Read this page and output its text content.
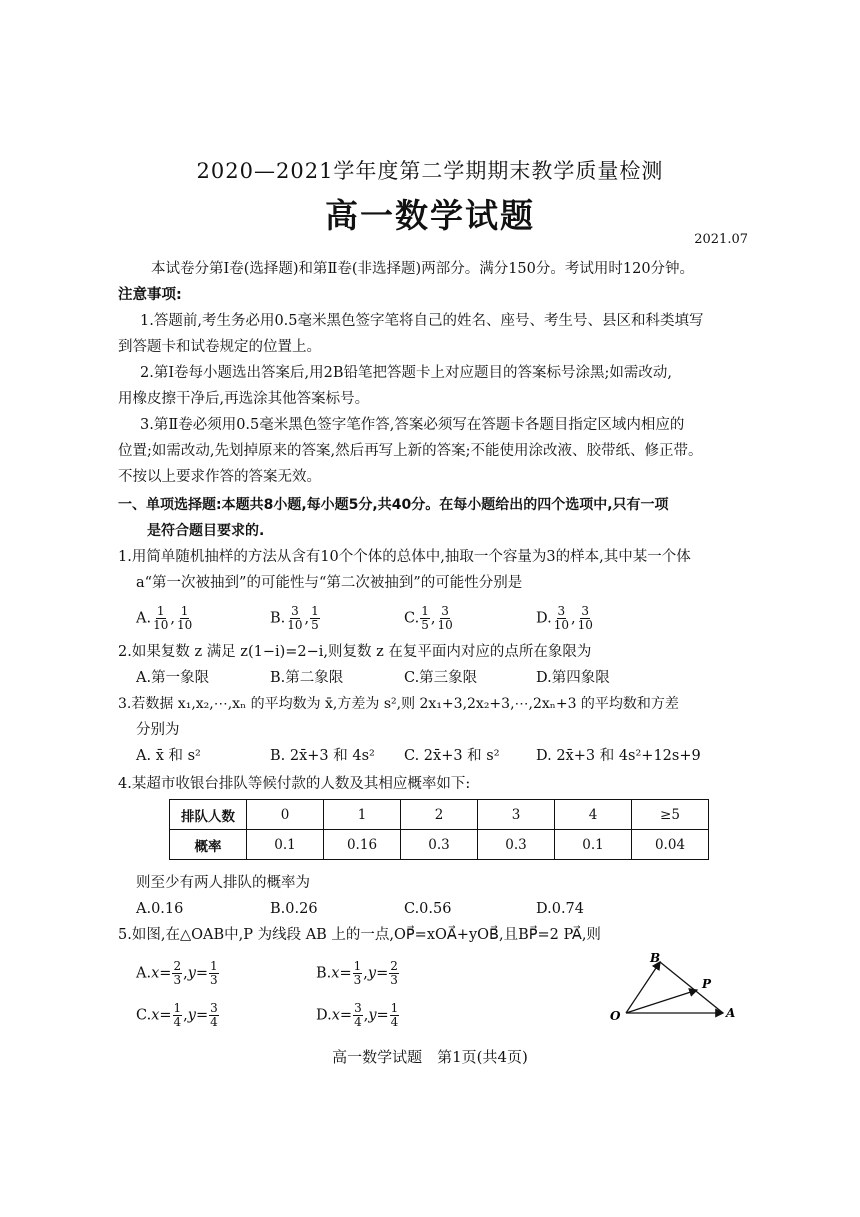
2020—2021学年度第二学期期末教学质量检测
高一数学试题
2021.07
本试卷分第Ⅰ卷(选择题)和第Ⅱ卷(非选择题)两部分。满分150分。考试用时120分钟。
注意事项:
1.答题前,考生务必用0.5毫米黑色签字笔将自己的姓名、座号、考生号、县区和科类填写
到答题卡和试卷规定的位置上。
2.第Ⅰ卷每小题选出答案后,用2B铅笔把答题卡上对应题目的答案标号涂黑;如需改动,
用橡皮擦干净后,再选涂其他答案标号。
3.第Ⅱ卷必须用0.5毫米黑色签字笔作答,答案必须写在答题卡各题目指定区域内相应的
位置;如需改动,先划掉原来的答案,然后再写上新的答案;不能使用涂改液、胶带纸、修正带。
不按以上要求作答的答案无效。
一、单项选择题:本题共8小题,每小题5分,共40分。在每小题给出的四个选项中,只有一项
是符合题目要求的.
1.用简单随机抽样的方法从含有10个个体的总体中,抽取一个容量为3的样本,其中某一个体
a“第一次被抽到”的可能性与“第二次被抽到”的可能性分别是
A. $\frac{1}{10}$ , $\frac{1}{10}$	B. $\frac{3}{10}$ , $\frac{1}{5}$	C. $\frac{1}{5}$ , $\frac{3}{10}$	D. $\frac{3}{10}$ , $\frac{3}{10}$
2.如果复数 z 满足 z(1−i)=2−i,则复数 z 在复平面内对应的点所在象限为
A.第一象限	B.第二象限	C.第三象限	D.第四象限
3.若数据 x₁,x₂,⋯,xₙ 的平均数为 x̄,方差为 s²,则 2x₁+3,2x₂+3,⋯,2xₙ+3 的平均数和方差
分别为
A. x̄ 和 s²	B. 2x̄+3 和 4s² C. 2x̄+3 和 s²	D. 2x̄+3 和 4s²+12s+9
4.某超市收银台排队等候付款的人数及其相应概率如下:
排队人数	0	1	2	3	4	≥5
概率	0.1	0.16	0.3	0.3	0.1	0.04
则至少有两人排队的概率为
A.0.16	B.0.26	C.0.56	D.0.74
5.如图,在△OAB中,P 为线段 AB 上的一点,OP⃗=xOA⃗+yOB⃗,且BP⃗=2 PA⃗,则
$A.x= \frac{2}{3} ,y= \frac{1}{3}$	$B.x= \frac{1}{3} ,y= \frac{2}{3}$
$C.x= \frac{1}{4} ,y= \frac{3}{4}$	$D.x= \frac{3}{4} ,y= \frac{1}{4}$	O	A
B
P
高一数学试题　第1页(共4页)
